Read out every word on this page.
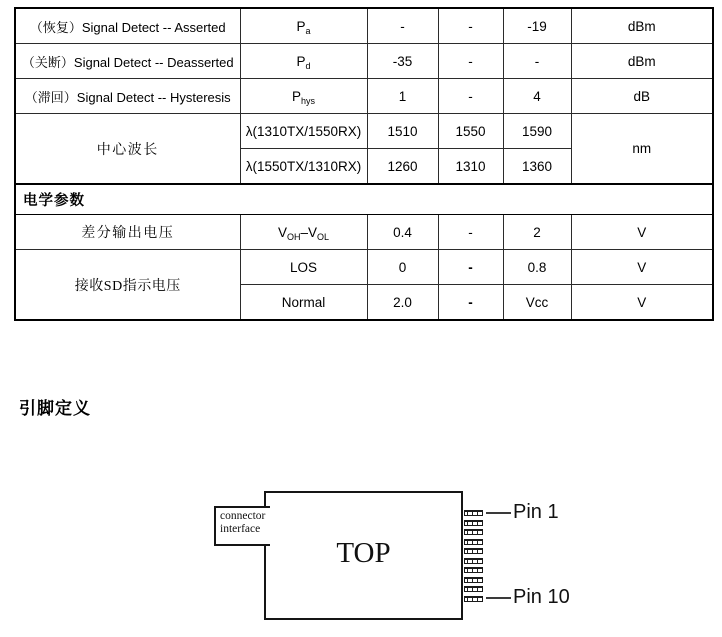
（恢复）Signal Detect -- Asserted	$P_a$	-	-	-19	dBm
（关断）Signal Detect -- Deasserted	$P_d$	-35	-	-	dBm
（滞回）Signal Detect -- Hysteresis	$P_{hys}$	1	-	4	dB
中心波长	λ(1310TX/1550RX)	1510	1550	1590	nm
	λ(1550TX/1310RX)	1260	1310	1360	
电学参数					
差分输出电压	$V_{OH}-V_{OL}$	0.4	-	2	V
接收SD指示电压	LOS	0	-	0.8	V
	Normal	2.0	-	Vcc	V
引脚定义
TOP
connector
interface
Pin 1
Pin 10
